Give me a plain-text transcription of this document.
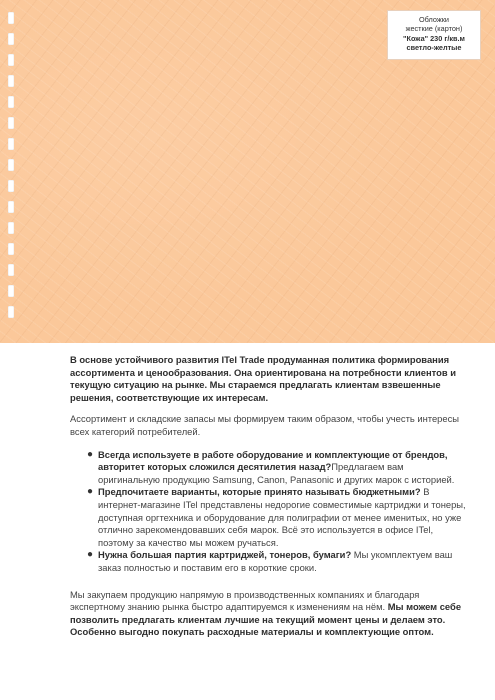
Обложки
жесткие (картон)
"Кожа" 230 г/кв.м
светло-желтые

В основе устойчивого развития ITel Trade продуманная политика формирования ассортимента и ценообразования. Она ориентирована на потребности клиентов и текущую ситуацию на рынке. Мы стараемся предлагать клиентам взвешенные решения, соответствующие их интересам.

Ассортимент и складские запасы мы формируем таким образом, чтобы учесть интересы всех категорий потребителей.

● Всегда используете в работе оборудование и комплектующие от брендов, авторитет которых сложился десятилетия назад?Предлагаем вам оригинальную продукцию Samsung, Canon, Panasonic и других марок с историей.
● Предпочитаете варианты, которые принято называть бюджетными? В интернет-магазине ITel представлены недорогие совместимые картриджи и тонеры, доступная оргтехника и оборудование для полиграфии от менее именитых, но уже отлично зарекомендовавших себя марок. Всё это используется в офисе ITel, поэтому за качество мы можем ручаться.
● Нужна большая партия картриджей, тонеров, бумаги? Мы укомплектуем ваш заказ полностью и поставим его в короткие сроки.

Мы закупаем продукцию напрямую в производственных компаниях и благодаря экспертному знанию рынка быстро адаптируемся к изменениям на нём. Мы можем себе позволить предлагать клиентам лучшие на текущий момент цены и делаем это. Особенно выгодно покупать расходные материалы и комплектующие оптом.
